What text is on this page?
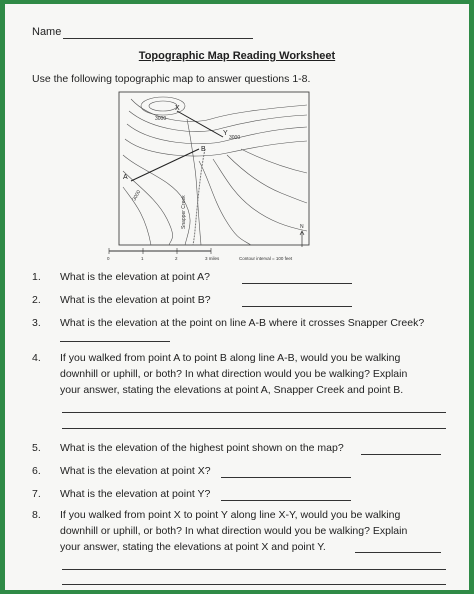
Name
Topographic Map Reading Worksheet
Use the following topographic map to answer questions 1-8.
3000
3000
3000
X
Y
A
B
Snapper Creek
0	1	2	3 miles	Contour interval = 100 feet
N
1. What is the elevation at point A?
2. What is the elevation at point B?
3. What is the elevation at the point on line A-B where it crosses Snapper Creek?
4. If you walked from point A to point B along line A-B, would you be walking
downhill or uphill, or both? In what direction would you be walking? Explain
your answer, stating the elevations at point A, Snapper Creek and point B.
5. What is the elevation of the highest point shown on the map?
6. What is the elevation at point X?
7. What is the elevation at point Y?
8. If you walked from point X to point Y along line X-Y, would you be walking
downhill or uphill, or both? In what direction would you be walking? Explain
your answer, stating the elevations at point X and point Y.
